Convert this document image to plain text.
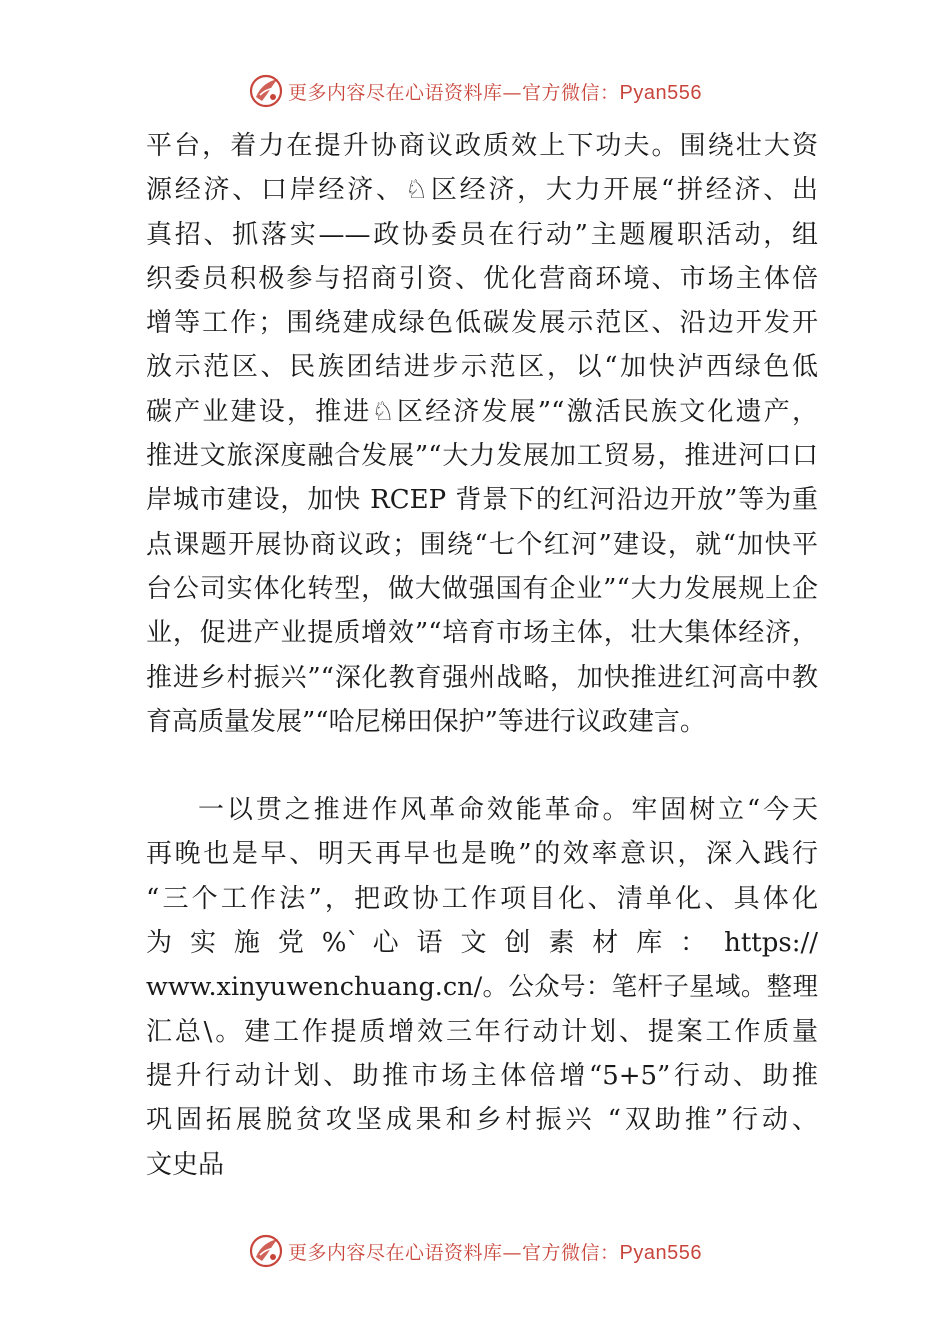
更多内容尽在心语资料库—官方微信：Pyan556

平台，着力在提升协商议政质效上下功夫。围绕壮大资
源经济、口岸经济、♘区经济，大力开展“拼经济、出
真招、抓落实——政协委员在行动”主题履职活动，组
织委员积极参与招商引资、优化营商环境、市场主体倍
增等工作；围绕建成绿色低碳发展示范区、沿边开发开
放示范区、民族团结进步示范区，以“加快泸西绿色低
碳产业建设，推进♘区经济发展”“激活民族文化遗产，
推进文旅深度融合发展”“大力发展加工贸易，推进河口口
岸城市建设，加快 RCEP 背景下的红河沿边开放”等为重
点课题开展协商议政；围绕“七个红河”建设，就“加快平
台公司实体化转型，做大做强国有企业”“大力发展规上企
业，促进产业提质增效”“培育市场主体，壮大集体经济，
推进乡村振兴”“深化教育强州战略，加快推进红河高中教
育高质量发展”“哈尼梯田保护”等进行议政建言。

一以贯之推进作风革命效能革命。牢固树立“今天
再晚也是早、明天再早也是晚”的效率意识，深入践行
“三个工作法”，把政协工作项目化、清单化、具体化
为 实 施 党 %` 心 语 文 创 素 材 库 ： https://
www.xinyuwenchuang.cn/。公众号：笔杆子星域。整理
汇总\。建工作提质增效三年行动计划、提案工作质量
提升行动计划、助推市场主体倍增“5+5”行动、助推
巩固拓展脱贫攻坚成果和乡村振兴 “双助推”行动、
文史品

更多内容尽在心语资料库—官方微信：Pyan556
